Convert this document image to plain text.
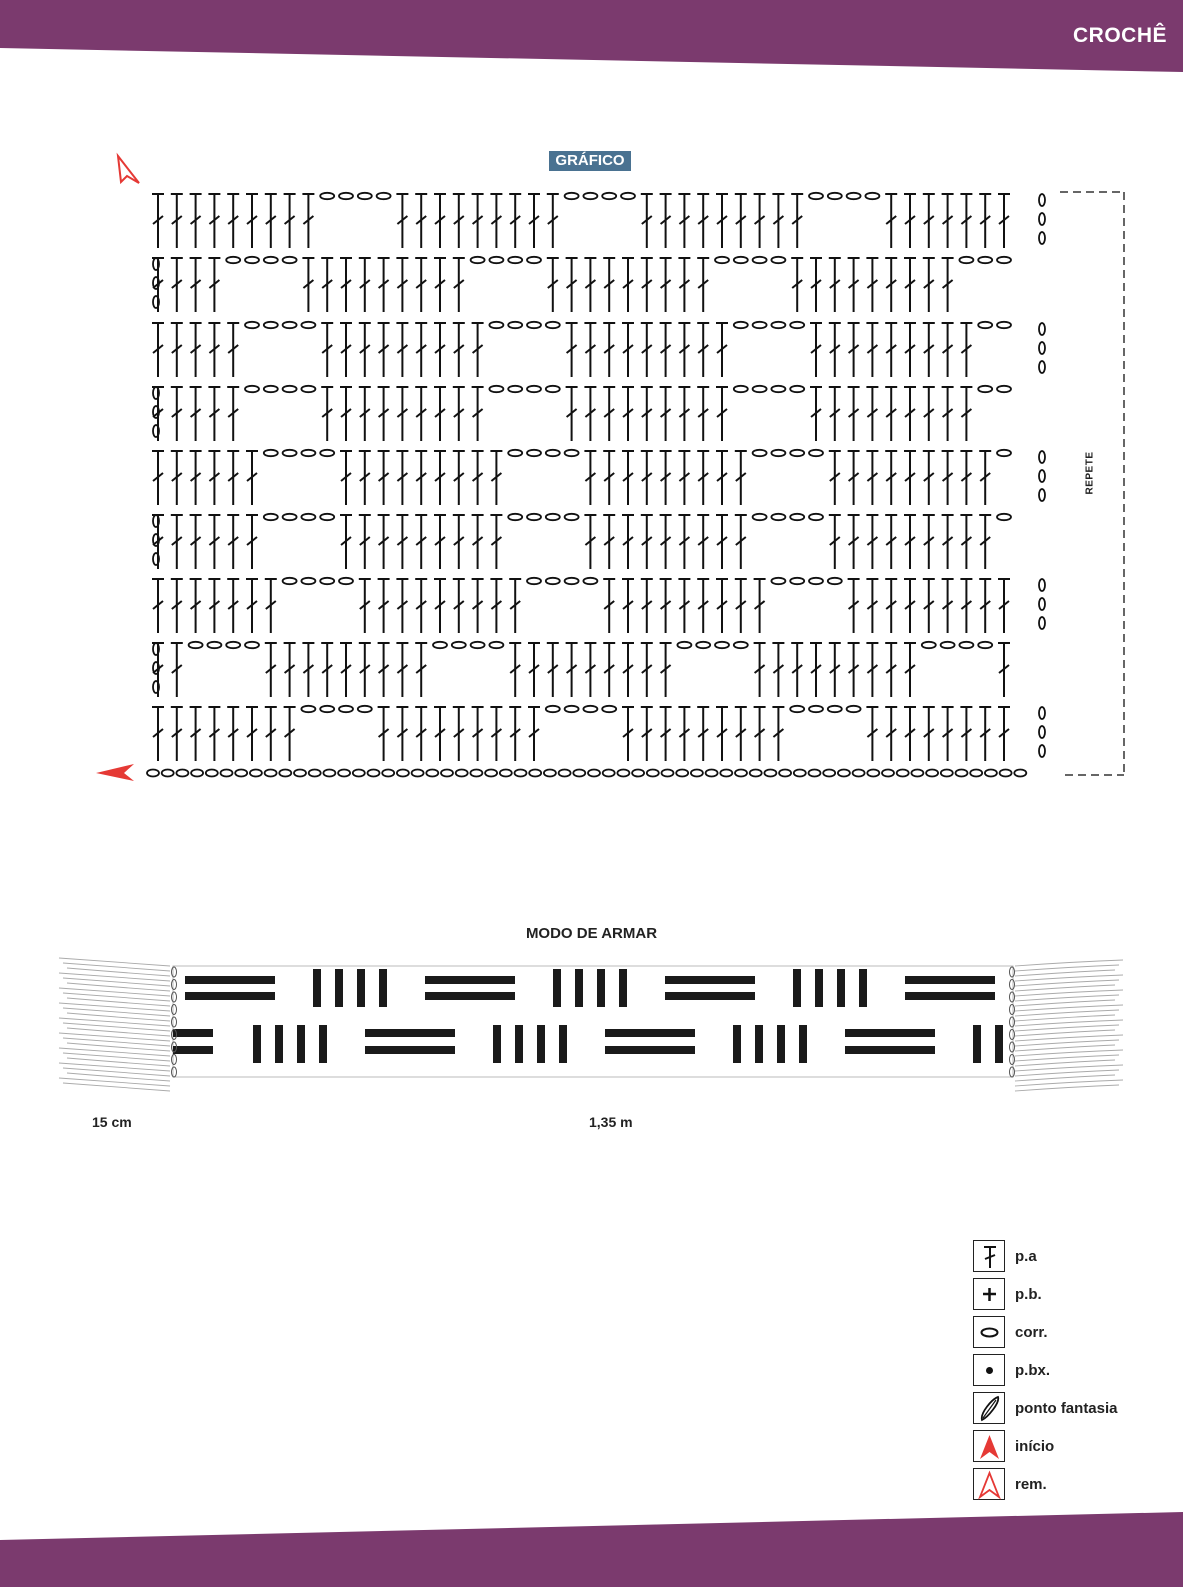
CROCHÊ
GRÁFICO
REPETE
MODO DE ARMAR
15 cm	1,35 m
p.a
p.b.
corr.
p.bx.
ponto fantasia
início
rem.
